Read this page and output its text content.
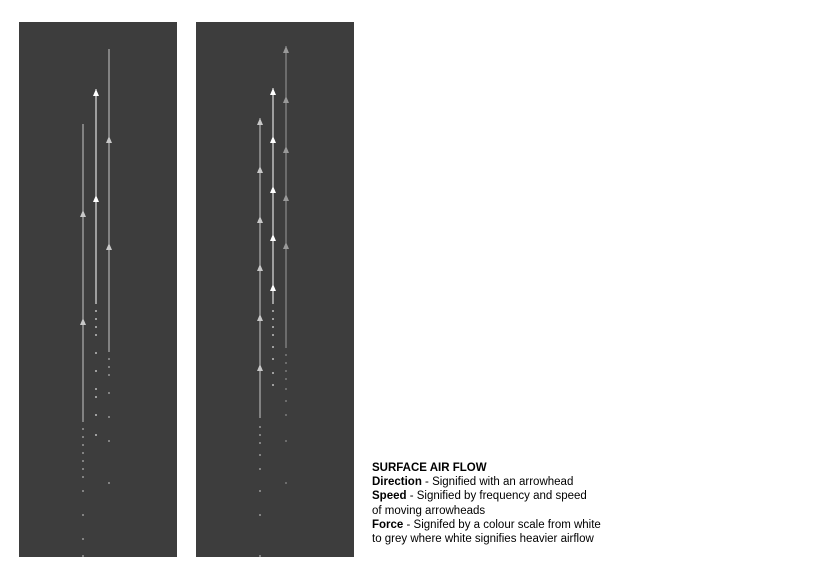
SURFACE AIR FLOW
Direction - Signified with an arrowhead
Speed - Signified by frequency and speed
of moving arrowheads
Force - Signifed by a colour scale from white
to grey where white signifies heavier airflow
